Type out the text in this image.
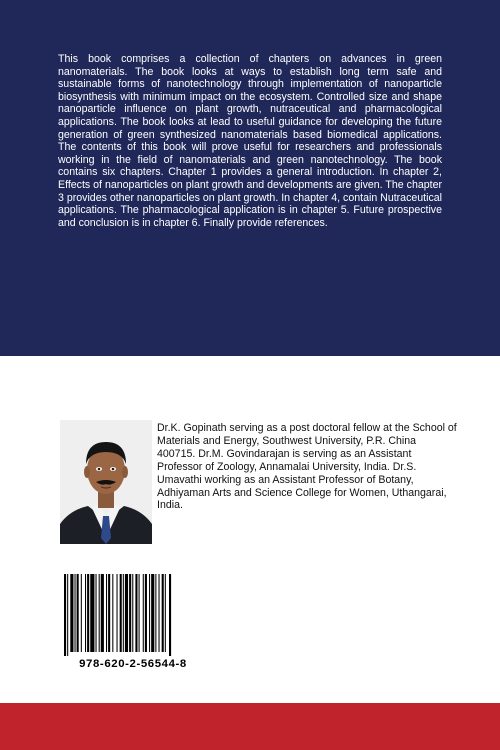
This book comprises a collection of chapters on advances in green nanomaterials. The book looks at ways to establish long term safe and sustainable forms of nanotechnology through implementation of nanoparticle biosynthesis with minimum impact on the ecosystem. Controlled size and shape nanoparticle influence on plant growth, nutraceutical and pharmacological applications. The book looks at lead to useful guidance for developing the future generation of green synthesized nanomaterials based biomedical applications. The contents of this book will prove useful for researchers and professionals working in the field of nanomaterials and green nanotechnology. The book contains six chapters. Chapter 1 provides a general introduction. In chapter 2, Effects of nanoparticles on plant growth and developments are given. The chapter 3 provides other nanoparticles on plant growth. In chapter 4, contain Nutraceutical applications. The pharmacological application is in chapter 5. Future prospective and conclusion is in chapter 6. Finally provide references.

Dr.K. Gopinath serving as a post doctoral fellow at the School of Materials and Energy, Southwest University, P.R. China 400715. Dr.M. Govindarajan is serving as an Assistant Professor of Zoology, Annamalai University, India. Dr.S. Umavathi working as an Assistant Professor of Botany, Adhiyaman Arts and Science College for Women, Uthangarai, India.

978-620-2-56544-8
